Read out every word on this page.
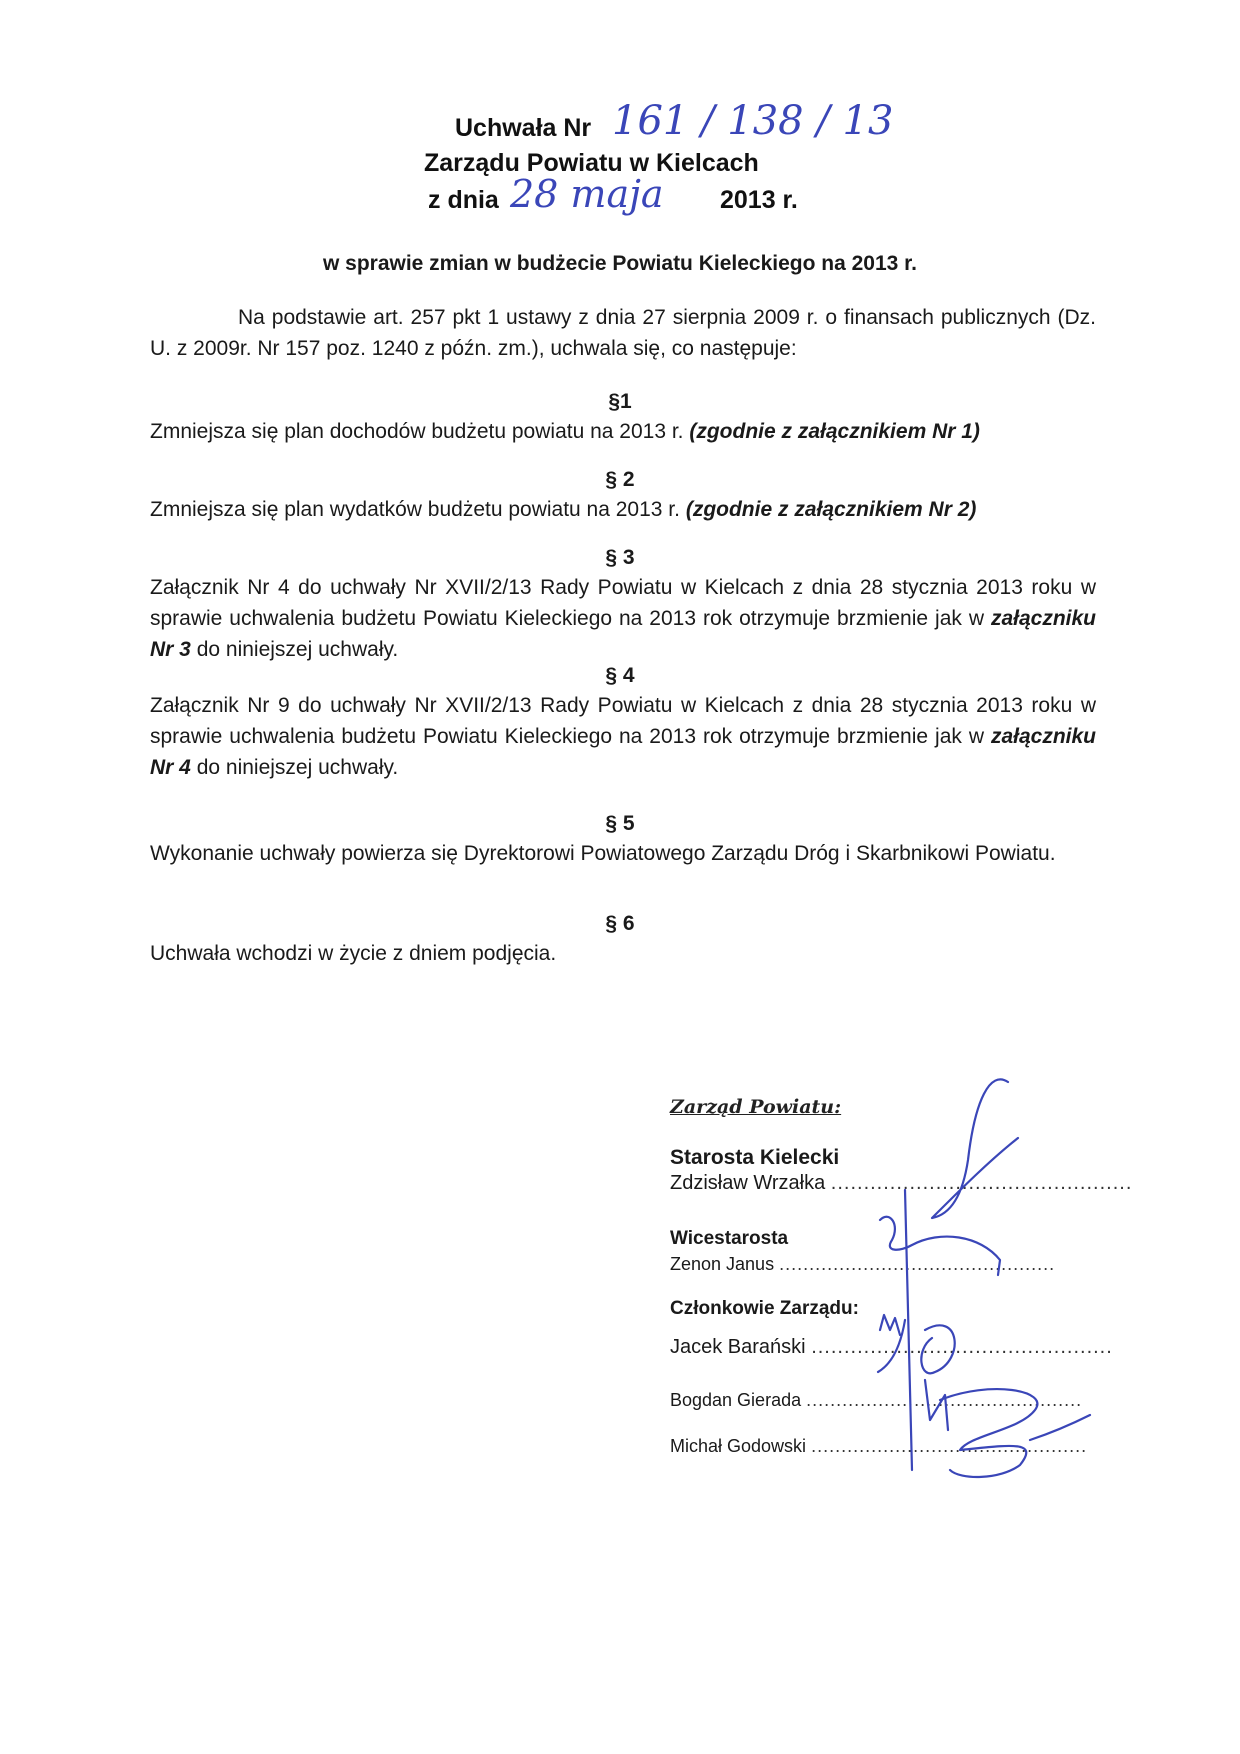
Uchwała Nr 161 / 138 / 13
Zarządu Powiatu w Kielcach
z dnia 28 maja 2013 r.
w sprawie zmian w budżecie Powiatu Kieleckiego na 2013 r.
Na podstawie art. 257 pkt 1 ustawy z dnia 27 sierpnia 2009 r. o finansach publicznych (Dz. U. z 2009r. Nr 157 poz. 1240 z późn. zm.), uchwala się, co następuje:
§1
Zmniejsza się plan dochodów budżetu powiatu na 2013 r. (zgodnie z załącznikiem Nr 1)
§ 2
Zmniejsza się plan wydatków budżetu powiatu na 2013 r. (zgodnie z załącznikiem Nr 2)
§ 3
Załącznik Nr 4 do uchwały Nr XVII/2/13 Rady Powiatu w Kielcach z dnia 28 stycznia 2013 roku w sprawie uchwalenia budżetu Powiatu Kieleckiego na 2013 rok otrzymuje brzmienie jak w załączniku Nr 3 do niniejszej uchwały.
§ 4
Załącznik Nr 9 do uchwały Nr XVII/2/13 Rady Powiatu w Kielcach z dnia 28 stycznia 2013 roku w sprawie uchwalenia budżetu Powiatu Kieleckiego na 2013 rok otrzymuje brzmienie jak w załączniku Nr 4 do niniejszej uchwały.
§ 5
Wykonanie uchwały powierza się Dyrektorowi Powiatowego Zarządu Dróg i Skarbnikowi Powiatu.
§ 6
Uchwała wchodzi w życie z dniem podjęcia.
Zarząd Powiatu:
Starosta Kielecki
Zdzisław Wrzałka ..............................................
Wicestarosta
Zenon Janus ..............................................
Członkowie Zarządu:
Jacek Barański ..............................................
Bogdan Gierada ..............................................
Michał Godowski ..............................................
